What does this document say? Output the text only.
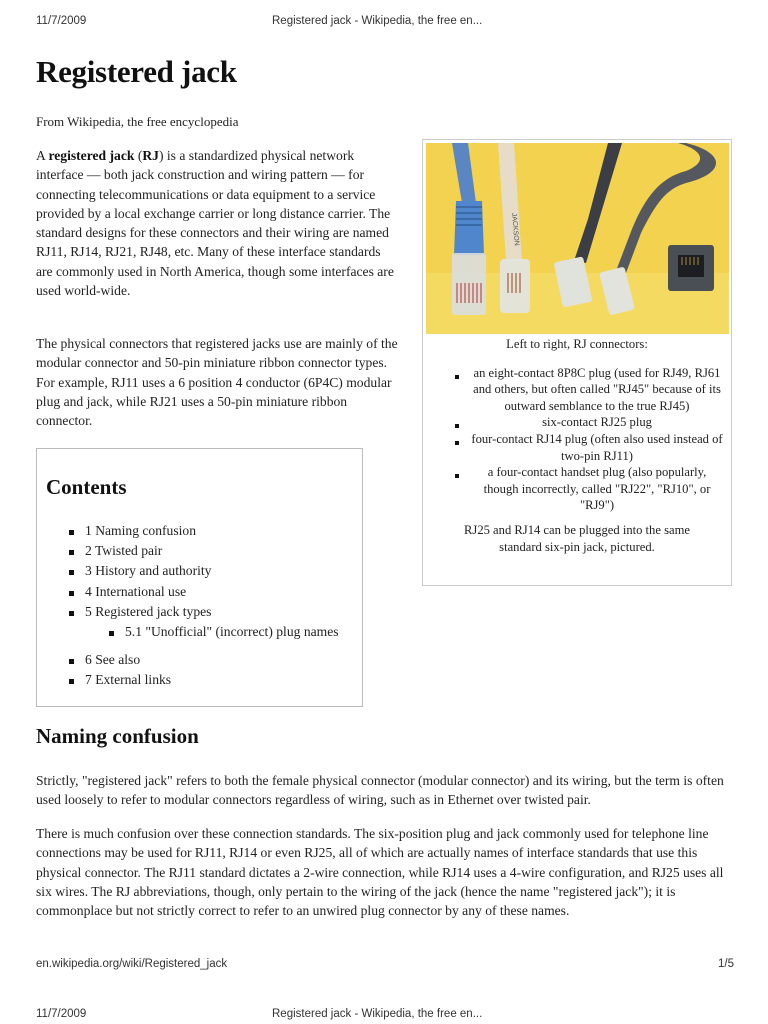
11/7/2009	Registered jack - Wikipedia, the free en...
Registered jack

From Wikipedia, the free encyclopedia

A registered jack (RJ) is a standardized physical network interface — both jack construction and wiring pattern — for connecting telecommunications or data equipment to a service provided by a local exchange carrier or long distance carrier. The standard designs for these connectors and their wiring are named RJ11, RJ14, RJ21, RJ48, etc. Many of these interface standards are commonly used in North America, though some interfaces are used world-wide.

The physical connectors that registered jacks use are mainly of the modular connector and 50-pin miniature ribbon connector types. For example, RJ11 uses a 6 position 4 conductor (6P4C) modular plug and jack, while RJ21 uses a 50-pin miniature ribbon connector.

JACKSON
Left to right, RJ connectors:
an eight-contact 8P8C plug (used for RJ49, RJ61 and others, but often called "RJ45" because of its outward semblance to the true RJ45)
six-contact RJ25 plug
four-contact RJ14 plug (often also used instead of two-pin RJ11)
a four-contact handset plug (also popularly, though incorrectly, called "RJ22", "RJ10", or "RJ9")
RJ25 and RJ14 can be plugged into the same standard six-pin jack, pictured.
Contents
1 Naming confusion
2 Twisted pair
3 History and authority
4 International use
5 Registered jack types
5.1 "Unofficial" (incorrect) plug names
6 See also
7 External links
Naming confusion

Strictly, "registered jack" refers to both the female physical connector (modular connector) and its wiring, but the term is often used loosely to refer to modular connectors regardless of wiring, such as in Ethernet over twisted pair.

There is much confusion over these connection standards. The six-position plug and jack commonly used for telephone line connections may be used for RJ11, RJ14 or even RJ25, all of which are actually names of interface standards that use this physical connector. The RJ11 standard dictates a 2-wire connection, while RJ14 uses a 4-wire configuration, and RJ25 uses all six wires. The RJ abbreviations, though, only pertain to the wiring of the jack (hence the name "registered jack"); it is commonplace but not strictly correct to refer to an unwired plug connector by any of these names.

en.wikipedia.org/wiki/Registered_jack	1/5
11/7/2009	Registered jack - Wikipedia, the free en...
